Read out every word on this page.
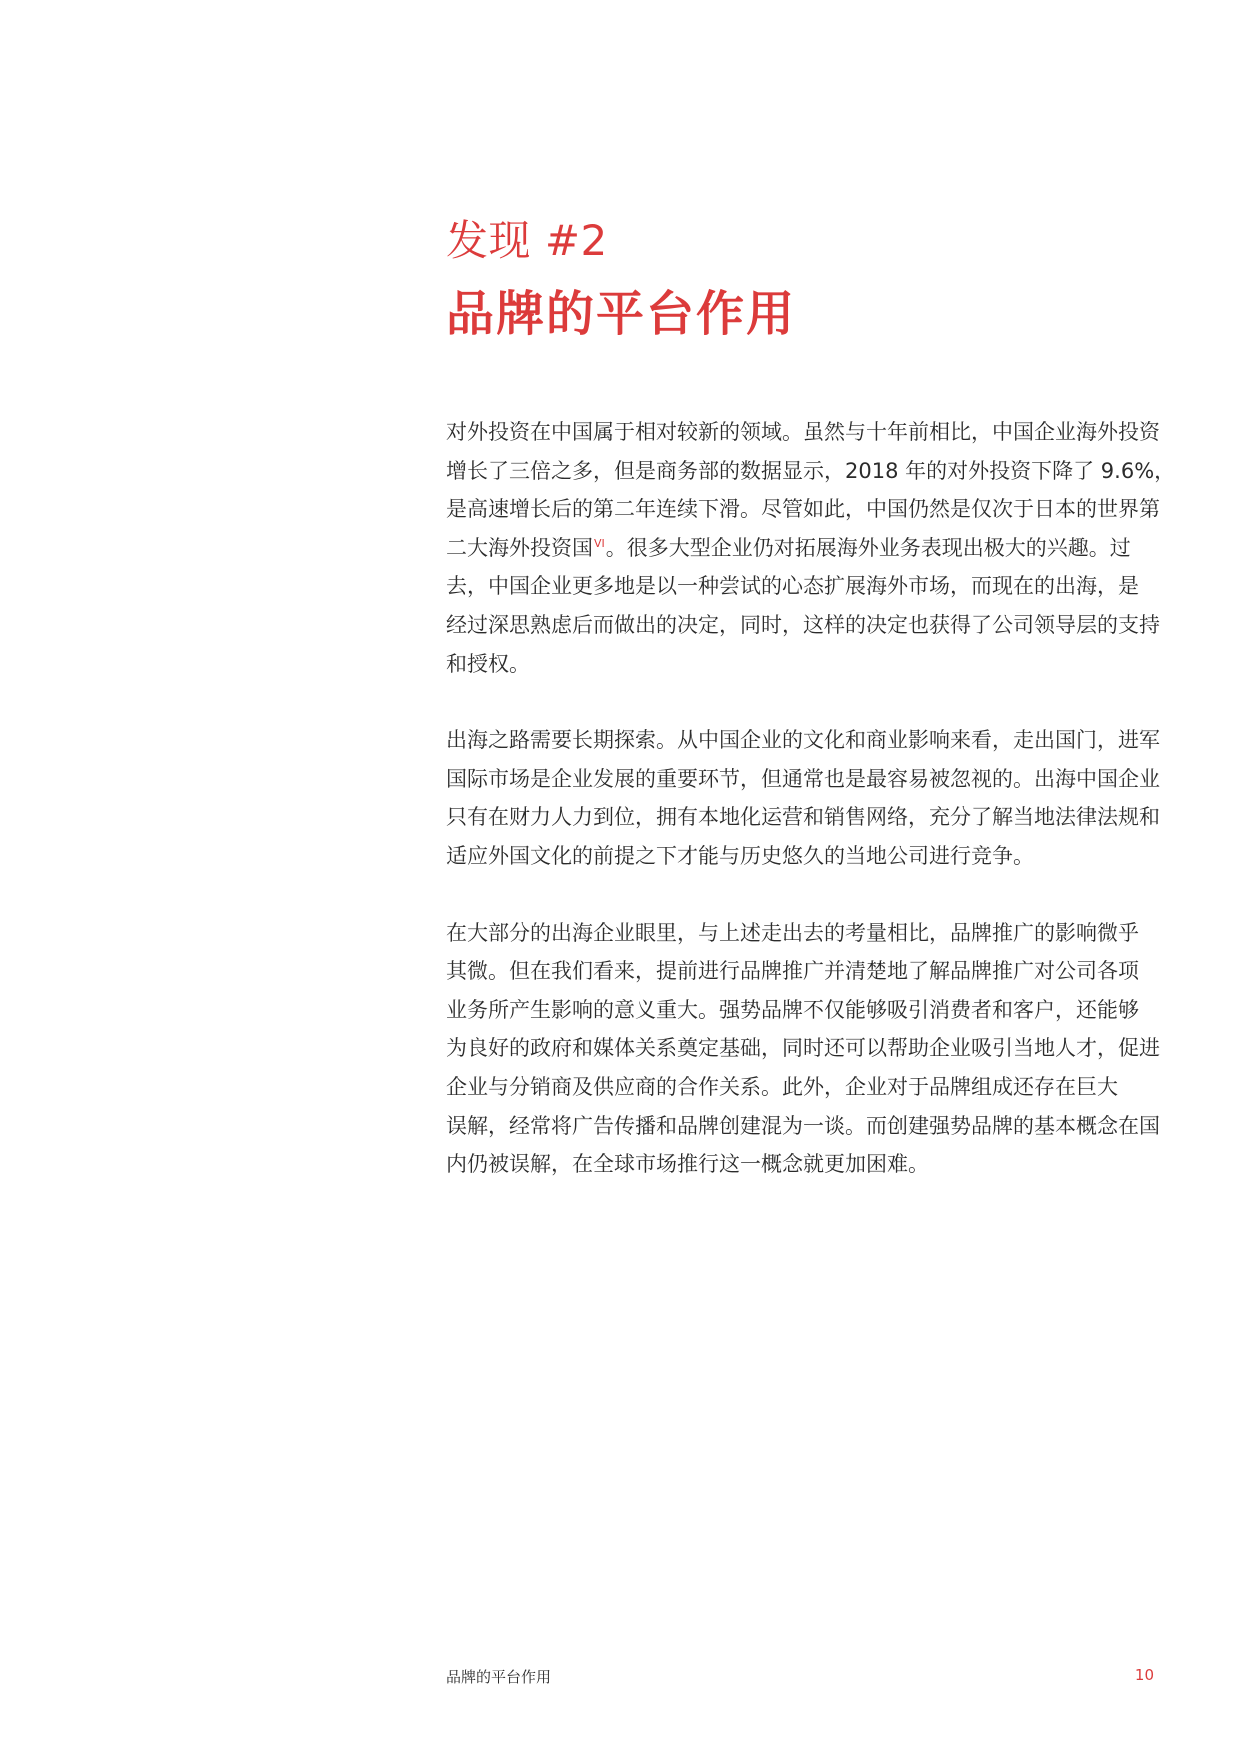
发现 #2
品牌的平台作用

对外投资在中国属于相对较新的领域。虽然与十年前相比，中国企业海外投资
增长了三倍之多，但是商务部的数据显示，2018 年的对外投资下降了 9.6%，
是高速增长后的第二年连续下滑。尽管如此，中国仍然是仅次于日本的世界第
二大海外投资国$^{VI}$。很多大型企业仍对拓展海外业务表现出极大的兴趣。过
去，中国企业更多地是以一种尝试的心态扩展海外市场，而现在的出海，是
经过深思熟虑后而做出的决定，同时，这样的决定也获得了公司领导层的支持
和授权。

出海之路需要长期探索。从中国企业的文化和商业影响来看，走出国门，进军
国际市场是企业发展的重要环节，但通常也是最容易被忽视的。出海中国企业
只有在财力人力到位，拥有本地化运营和销售网络，充分了解当地法律法规和
适应外国文化的前提之下才能与历史悠久的当地公司进行竞争。

在大部分的出海企业眼里，与上述走出去的考量相比，品牌推广的影响微乎
其微。但在我们看来，提前进行品牌推广并清楚地了解品牌推广对公司各项
业务所产生影响的意义重大。强势品牌不仅能够吸引消费者和客户，还能够
为良好的政府和媒体关系奠定基础，同时还可以帮助企业吸引当地人才，促进
企业与分销商及供应商的合作关系。此外，企业对于品牌组成还存在巨大
误解，经常将广告传播和品牌创建混为一谈。而创建强势品牌的基本概念在国
内仍被误解，在全球市场推行这一概念就更加困难。

品牌的平台作用	10
